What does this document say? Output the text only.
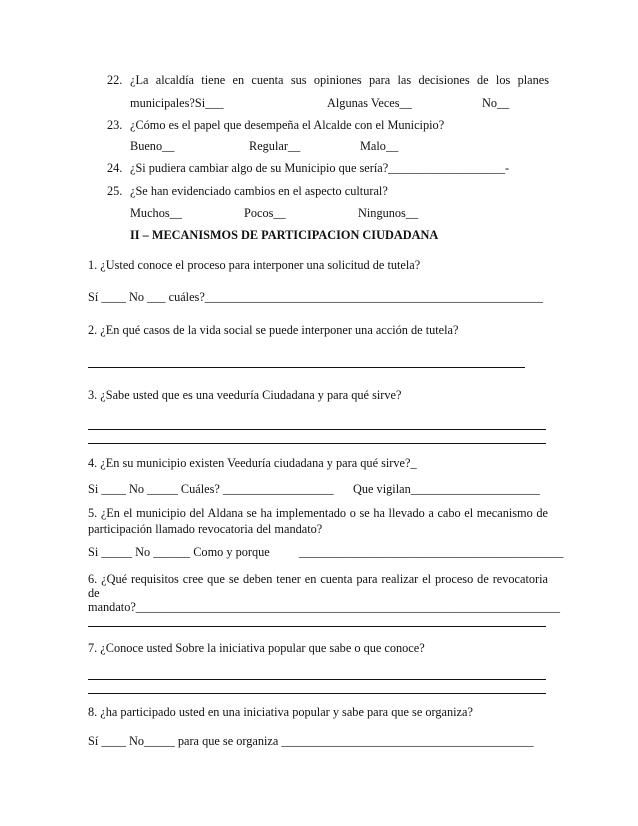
22. ¿La alcaldía tiene en cuenta sus opiniones para las decisiones de los planes
municipales?Si___	Algunas Veces__	No__
23. ¿Cómo es el papel que desempeña el Alcalde con el Municipio?
Bueno__	Regular__	Malo__
24. ¿Si pudiera cambiar algo de su Municipio que sería?___________________-
25. ¿Se han evidenciado cambios en el aspecto cultural?
Muchos__	Pocos__	Ningunos__
II – MECANISMOS DE PARTICIPACION CIUDADANA
1. ¿Usted conoce el proceso para interponer una solicitud de tutela?
Sí ____ No ___ cuáles?_______________________________________________________
2. ¿En qué casos de la vida social se puede interponer una acción de tutela?
3. ¿Sabe usted que es una veeduría Ciudadana y para qué sirve?
4. ¿En su municipio existen Veeduría ciudadana y para qué sirve?_
Si ____ No _____ Cuáles? __________________ Que vigilan_____________________
5. ¿En el municipio del Aldana se ha implementado o se ha llevado a cabo el mecanismo de
participación llamado revocatoria del mandato?
Si _____ No ______ Como y porque ___________________________________________
6. ¿Qué requisitos cree que se deben tener en cuenta para realizar el proceso de revocatoria
de
mandato?_____________________________________________________________________
7. ¿Conoce usted Sobre la iniciativa popular que sabe o que conoce?
8. ¿ha participado usted en una iniciativa popular y sabe para que se organiza?
Sí ____ No_____ para que se organiza _________________________________________
